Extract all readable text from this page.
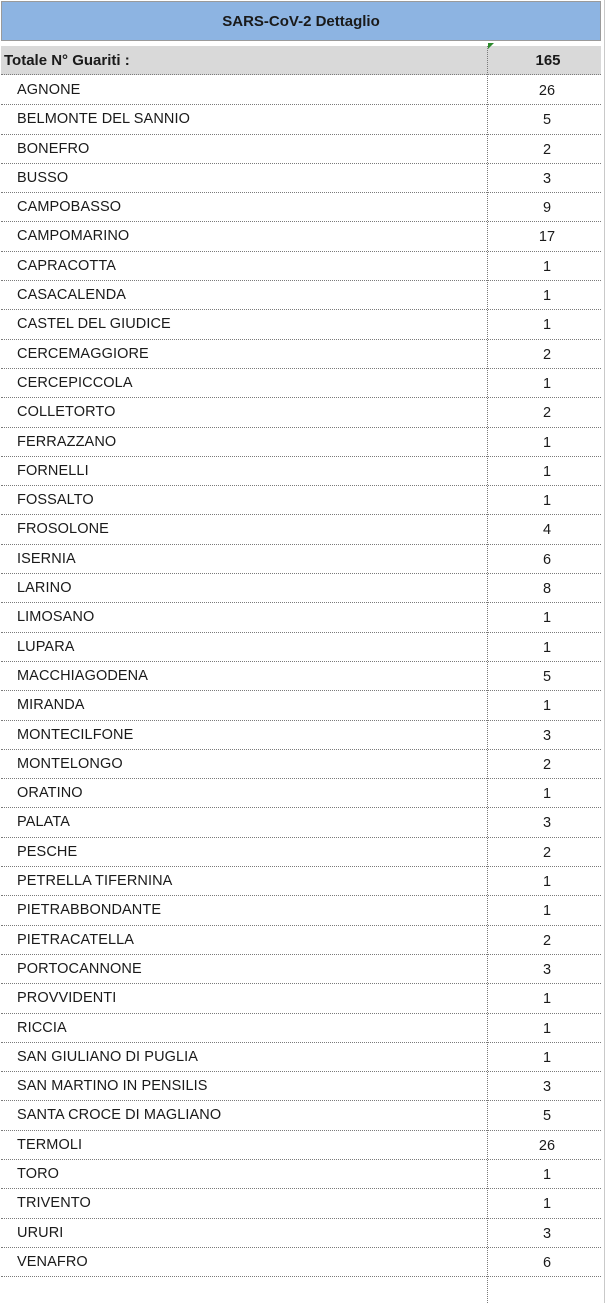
SARS-CoV-2 Dettaglio
Totale N° Guariti :	165
AGNONE	26
BELMONTE DEL SANNIO	5
BONEFRO	2
BUSSO	3
CAMPOBASSO	9
CAMPOMARINO	17
CAPRACOTTA	1
CASACALENDA	1
CASTEL DEL GIUDICE	1
CERCEMAGGIORE	2
CERCEPICCOLA	1
COLLETORTO	2
FERRAZZANO	1
FORNELLI	1
FOSSALTO	1
FROSOLONE	4
ISERNIA	6
LARINO	8
LIMOSANO	1
LUPARA	1
MACCHIAGODENA	5
MIRANDA	1
MONTECILFONE	3
MONTELONGO	2
ORATINO	1
PALATA	3
PESCHE	2
PETRELLA TIFERNINA	1
PIETRABBONDANTE	1
PIETRACATELLA	2
PORTOCANNONE	3
PROVVIDENTI	1
RICCIA	1
SAN GIULIANO DI PUGLIA	1
SAN MARTINO IN PENSILIS	3
SANTA CROCE DI MAGLIANO	5
TERMOLI	26
TORO	1
TRIVENTO	1
URURI	3
VENAFRO	6
